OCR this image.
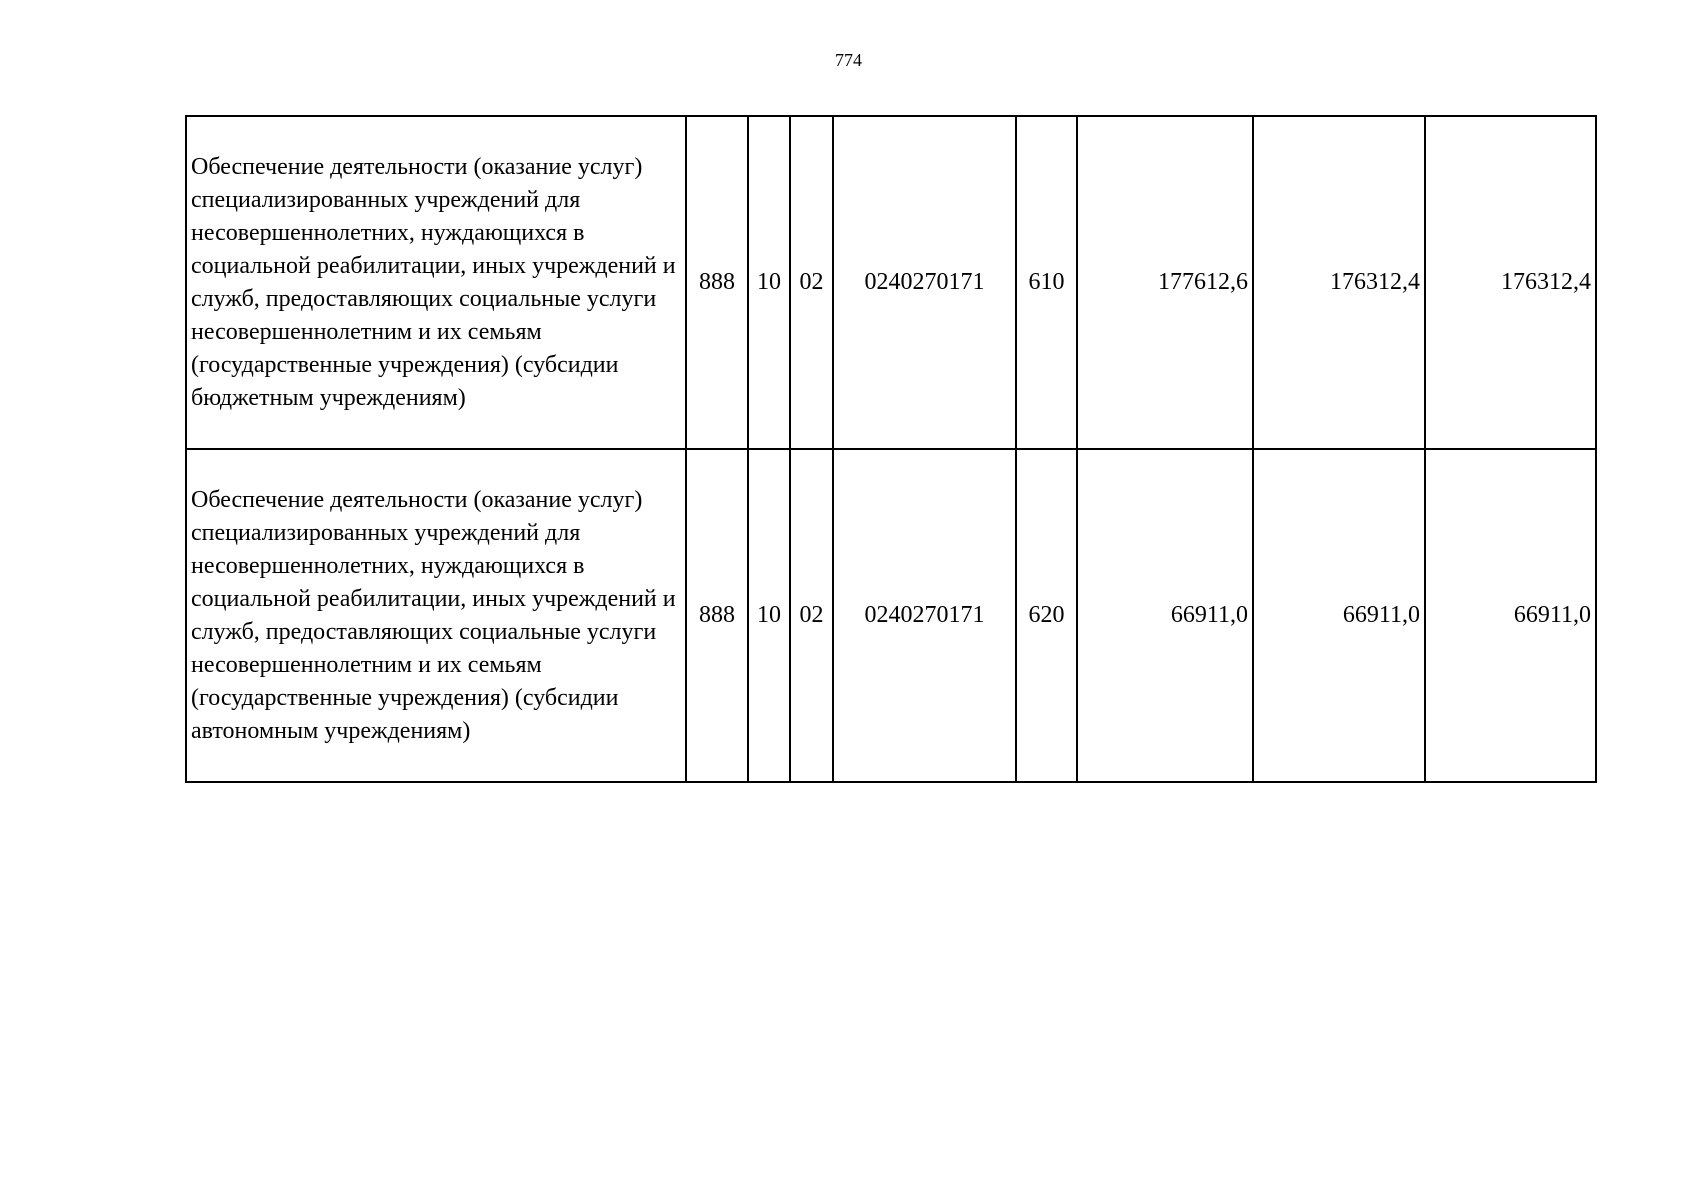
774
Обеспечение деятельности (оказание услуг) специализированных учреждений для несовершеннолетних, нуждающихся в социальной реабилитации, иных учреждений и служб, предоставляющих социальные услуги несовершеннолетним и их семьям (государственные учреждения) (субсидии бюджетным учреждениям)	888	10	02	0240270171	610	177612,6	176312,4	176312,4
Обеспечение деятельности (оказание услуг) специализированных учреждений для несовершеннолетних, нуждающихся в социальной реабилитации, иных учреждений и служб, предоставляющих социальные услуги несовершеннолетним и их семьям (государственные учреждения) (субсидии автономным учреждениям)	888	10	02	0240270171	620	66911,0	66911,0	66911,0
